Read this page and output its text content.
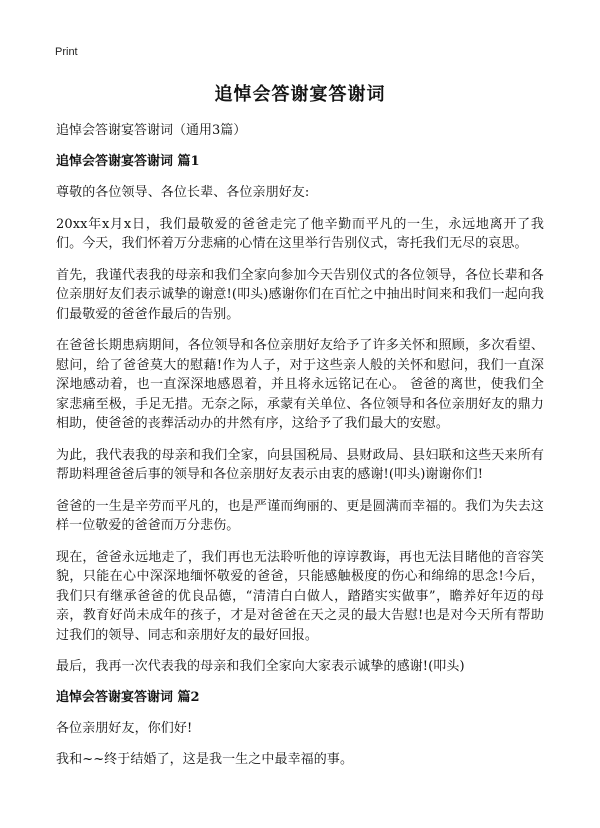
Print
追悼会答谢宴答谢词

追悼会答谢宴答谢词（通用3篇）

追悼会答谢宴答谢词 篇1

尊敬的各位领导、各位长辈、各位亲朋好友:

20xx年x月x日，我们最敬爱的爸爸走完了他辛勤而平凡的一生，永远地离开了我们。今天，我们怀着万分悲痛的心情在这里举行告别仪式，寄托我们无尽的哀思。

首先，我谨代表我的母亲和我们全家向参加今天告别仪式的各位领导，各位长辈和各位亲朋好友们表示诚挚的谢意!(叩头)感谢你们在百忙之中抽出时间来和我们一起向我们最敬爱的爸爸作最后的告别。

在爸爸长期患病期间，各位领导和各位亲朋好友给予了许多关怀和照顾，多次看望、慰问，给了爸爸莫大的慰藉!作为人子，对于这些亲人般的关怀和慰问，我们一直深深地感动着，也一直深深地感恩着，并且将永远铭记在心。 爸爸的离世，使我们全家悲痛至极，手足无措。无奈之际，承蒙有关单位、各位领导和各位亲朋好友的鼎力相助，使爸爸的丧葬活动办的井然有序，这给予了我们最大的安慰。

为此，我代表我的母亲和我们全家，向县国税局、县财政局、县妇联和这些天来所有帮助料理爸爸后事的领导和各位亲朋好友表示由衷的感谢!(叩头)谢谢你们!

爸爸的一生是辛劳而平凡的，也是严谨而绚丽的、更是圆满而幸福的。我们为失去这样一位敬爱的爸爸而万分悲伤。

现在，爸爸永远地走了，我们再也无法聆听他的谆谆教诲，再也无法目睹他的音容笑貌，只能在心中深深地缅怀敬爱的爸爸，只能感触极度的伤心和绵绵的思念!今后，我们只有继承爸爸的优良品德，“清清白白做人，踏踏实实做事”，瞻养好年迈的母亲，教育好尚未成年的孩子，才是对爸爸在天之灵的最大告慰!也是对今天所有帮助过我们的领导、同志和亲朋好友的最好回报。

最后，我再一次代表我的母亲和我们全家向大家表示诚挚的感谢!(叩头)

追悼会答谢宴答谢词 篇2

各位亲朋好友，你们好!

我和~~终于结婚了，这是我一生之中最幸福的事。
